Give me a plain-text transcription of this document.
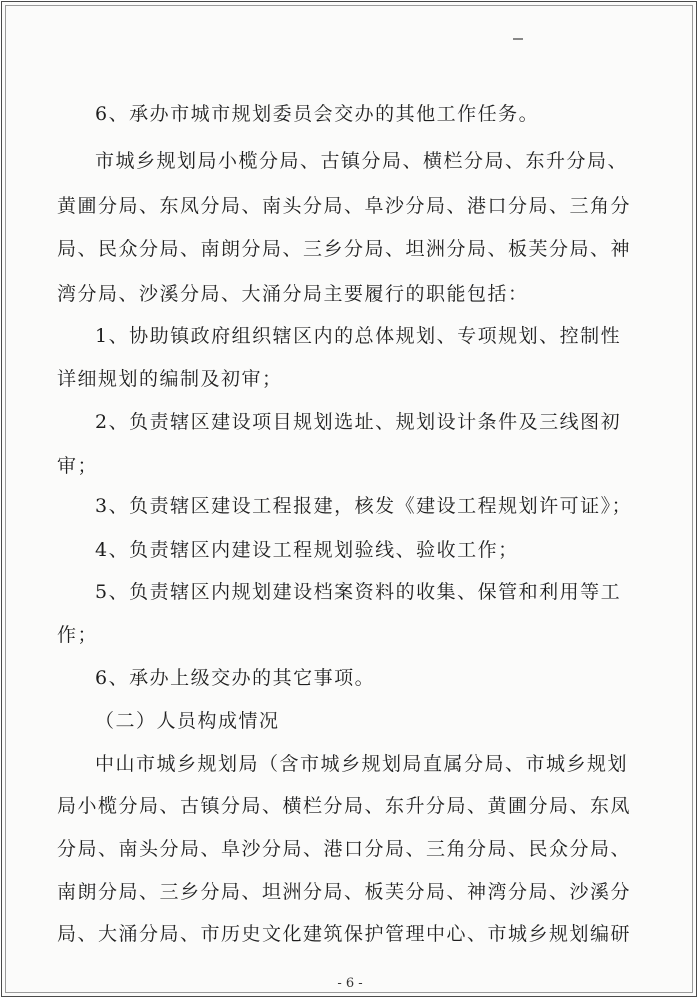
6、承办市城市规划委员会交办的其他工作任务。
市城乡规划局小榄分局、古镇分局、横栏分局、东升分局、
黄圃分局、东凤分局、南头分局、阜沙分局、港口分局、三角分
局、民众分局、南朗分局、三乡分局、坦洲分局、板芙分局、神
湾分局、沙溪分局、大涌分局主要履行的职能包括：
1、协助镇政府组织辖区内的总体规划、专项规划、控制性
详细规划的编制及初审；
2、负责辖区建设项目规划选址、规划设计条件及三线图初
审；
3、负责辖区建设工程报建，核发《建设工程规划许可证》；
4、负责辖区内建设工程规划验线、验收工作；
5、负责辖区内规划建设档案资料的收集、保管和利用等工
作；
6、承办上级交办的其它事项。
（二）人员构成情况
中山市城乡规划局（含市城乡规划局直属分局、市城乡规划
局小榄分局、古镇分局、横栏分局、东升分局、黄圃分局、东凤
分局、南头分局、阜沙分局、港口分局、三角分局、民众分局、
南朗分局、三乡分局、坦洲分局、板芙分局、神湾分局、沙溪分
局、大涌分局、市历史文化建筑保护管理中心、市城乡规划编研
- 6 -
